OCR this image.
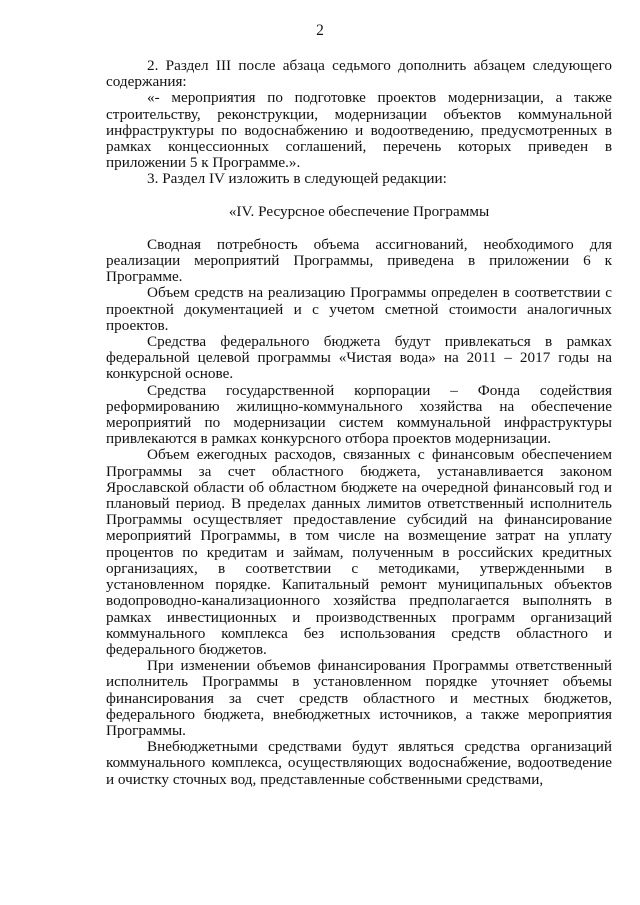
2

2. Раздел III после абзаца седьмого дополнить абзацем следующего содержания:

«- мероприятия по подготовке проектов модернизации, а также строительству, реконструкции, модернизации объектов коммунальной инфраструктуры по водоснабжению и водоотведению, предусмотренных в рамках концессионных соглашений, перечень которых приведен в приложении 5 к Программе.».

3. Раздел IV изложить в следующей редакции:

«IV. Ресурсное обеспечение Программы

Сводная потребность объема ассигнований, необходимого для реализации мероприятий Программы, приведена в приложении 6 к Программе.

Объем средств на реализацию Программы определен в соответствии с проектной документацией и с учетом сметной стоимости аналогичных проектов.

Средства федерального бюджета будут привлекаться в рамках федеральной целевой программы «Чистая вода» на 2011 – 2017 годы на конкурсной основе.

Средства государственной корпорации – Фонда содействия реформированию жилищно-коммунального хозяйства на обеспечение мероприятий по модернизации систем коммунальной инфраструктуры привлекаются в рамках конкурсного отбора проектов модернизации.

Объем ежегодных расходов, связанных с финансовым обеспечением Программы за счет областного бюджета, устанавливается законом Ярославской области об областном бюджете на очередной финансовый год и плановый период. В пределах данных лимитов ответственный исполнитель Программы осуществляет предоставление субсидий на финансирование мероприятий Программы, в том числе на возмещение затрат на уплату процентов по кредитам и займам, полученным в российских кредитных организациях, в соответствии с методиками, утвержденными в установленном порядке. Капитальный ремонт муниципальных объектов водопроводно-канализационного хозяйства предполагается выполнять в рамках инвестиционных и производственных программ организаций коммунального комплекса без использования средств областного и федерального бюджетов.

При изменении объемов финансирования Программы ответственный исполнитель Программы в установленном порядке уточняет объемы финансирования за счет средств областного и местных бюджетов, федерального бюджета, внебюджетных источников, а также мероприятия Программы.

Внебюджетными средствами будут являться средства организаций коммунального комплекса, осуществляющих водоснабжение, водоотведение и очистку сточных вод, представленные собственными средствами,
